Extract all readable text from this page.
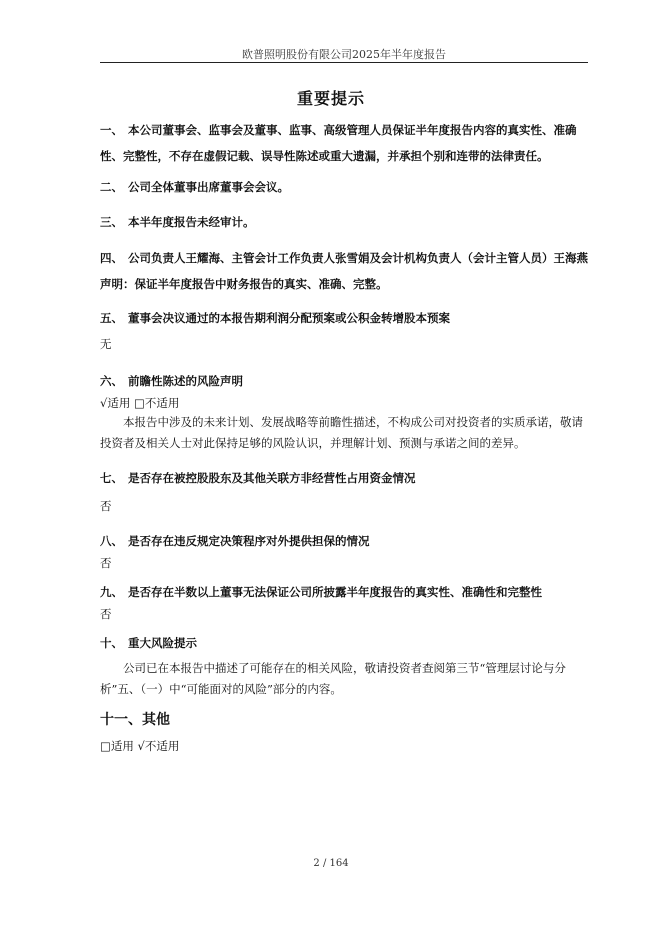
欧普照明股份有限公司2025年半年度报告
重要提示
一、 本公司董事会、监事会及董事、监事、高级管理人员保证半年度报告内容的真实性、准确性、完整性，不存在虚假记载、误导性陈述或重大遗漏，并承担个别和连带的法律责任。
二、 公司全体董事出席董事会会议。
三、 本半年度报告未经审计。
四、 公司负责人王耀海、主管会计工作负责人张雪娟及会计机构负责人（会计主管人员）王海燕声明：保证半年度报告中财务报告的真实、准确、完整。
五、 董事会决议通过的本报告期利润分配预案或公积金转增股本预案
无
六、 前瞻性陈述的风险声明
√适用 □不适用
本报告中涉及的未来计划、发展战略等前瞻性描述，不构成公司对投资者的实质承诺，敬请投资者及相关人士对此保持足够的风险认识，并理解计划、预测与承诺之间的差异。
七、 是否存在被控股股东及其他关联方非经营性占用资金情况
否
八、 是否存在违反规定决策程序对外提供担保的情况
否
九、 是否存在半数以上董事无法保证公司所披露半年度报告的真实性、准确性和完整性
否
十、 重大风险提示
公司已在本报告中描述了可能存在的相关风险，敬请投资者查阅第三节“管理层讨论与分析”五、（一）中“可能面对的风险”部分的内容。
十一、其他
□适用 √不适用
2 / 164
